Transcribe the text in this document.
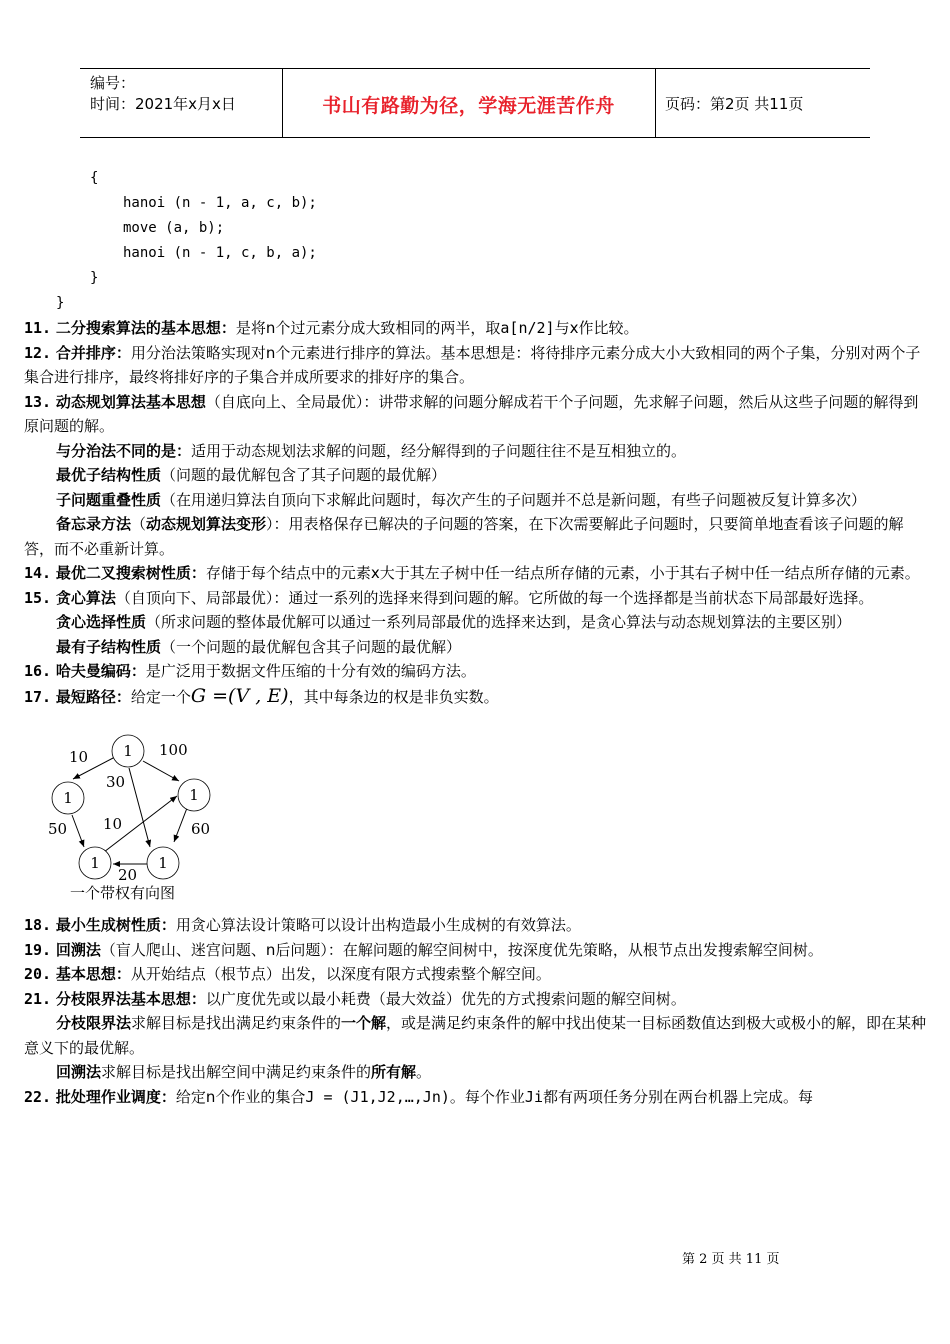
编号：
时间：2021年x月x日	书山有路勤为径，学海无涯苦作舟	页码：第2页 共11页
{
hanoi (n - 1, a, c, b);
move (a, b);
hanoi (n - 1, c, b, a);
}
}

11. 二分搜索算法的基本思想：是将n个过元素分成大致相同的两半，取a[n/2]与x作比较。

12. 合并排序：用分治法策略实现对n个元素进行排序的算法。基本思想是：将待排序元素分成大小大致相同的两个子集，分别对两个子集合进行排序，最终将排好序的子集合并成所要求的排好序的集合。

13. 动态规划算法基本思想（自底向上、全局最优）：讲带求解的问题分解成若干个子问题，先求解子问题，然后从这些子问题的解得到原问题的解。

与分治法不同的是：适用于动态规划法求解的问题，经分解得到的子问题往往不是互相独立的。

最优子结构性质（问题的最优解包含了其子问题的最优解）

子问题重叠性质（在用递归算法自顶向下求解此问题时，每次产生的子问题并不总是新问题，有些子问题被反复计算多次）

备忘录方法（动态规划算法变形）：用表格保存已解决的子问题的答案，在下次需要解此子问题时，只要简单地查看该子问题的解答，而不必重新计算。

14. 最优二叉搜索树性质：存储于每个结点中的元素x大于其左子树中任一结点所存储的元素，小于其右子树中任一结点所存储的元素。

15. 贪心算法（自顶向下、局部最优）：通过一系列的选择来得到问题的解。它所做的每一个选择都是当前状态下局部最好选择。

贪心选择性质（所求问题的整体最优解可以通过一系列局部最优的选择来达到，是贪心算法与动态规划算法的主要区别）

最有子结构性质（一个问题的最优解包含其子问题的最优解）

16. 哈夫曼编码：是广泛用于数据文件压缩的十分有效的编码方法。

17. 最短路径：给定一个G =(V , E)，其中每条边的权是非负实数。

1
1	1
1	1
10	100
30
10
50	60
20
一个带权有向图

18. 最小生成树性质：用贪心算法设计策略可以设计出构造最小生成树的有效算法。

19. 回溯法（盲人爬山、迷宫问题、n后问题）：在解问题的解空间树中，按深度优先策略，从根节点出发搜索解空间树。

20. 基本思想：从开始结点（根节点）出发，以深度有限方式搜索整个解空间。

21. 分枝限界法基本思想：以广度优先或以最小耗费（最大效益）优先的方式搜索问题的解空间树。

分枝限界法求解目标是找出满足约束条件的一个解，或是满足约束条件的解中找出使某一目标函数值达到极大或极小的解，即在某种意义下的最优解。

回溯法求解目标是找出解空间中满足约束条件的所有解。

22. 批处理作业调度：给定n个作业的集合J = (J1,J2,…,Jn)。每个作业Ji都有两项任务分别在两台机器上完成。每

第 2 页 共 11 页
